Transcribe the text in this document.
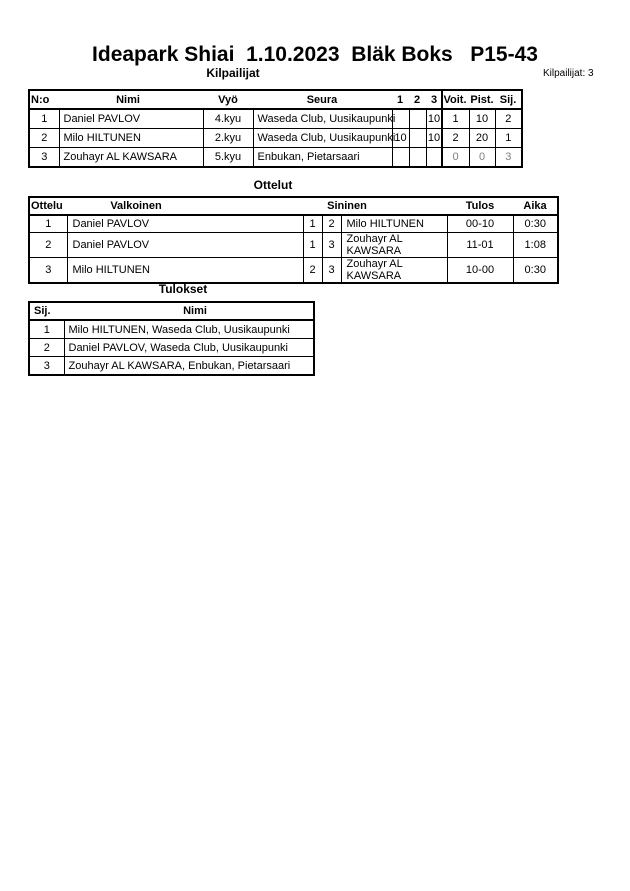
Ideapark Shiai  1.10.2023  Bläk Boks   P15-43
Kilpailijat	Kilpailijat: 3
N:o	Nimi	Vyö	Seura	1 2 3 Voit. Pist. Sij.
1	Daniel PAVLOV	4.kyu	Waseda Club, Uusikaupunki			10	1	10	2
2	Milo HILTUNEN	2.kyu	Waseda Club, Uusikaupunki	10		10	2	20	1
3	Zouhayr AL KAWSARA	5.kyu	Enbukan, Pietarsaari				0	0	3
Ottelut
Ottelu	Valkoinen	Sininen	Tulos	Aika
1	Daniel PAVLOV	1	2	Milo HILTUNEN	00-10	0:30
2	Daniel PAVLOV	1	3	Zouhayr AL KAWSARA	11-01	1:08
3	Milo HILTUNEN	2	3	Zouhayr AL KAWSARA	10-00	0:30
Tulokset
Sij.	Nimi
1	Milo HILTUNEN, Waseda Club, Uusikaupunki
2	Daniel PAVLOV, Waseda Club, Uusikaupunki
3	Zouhayr AL KAWSARA, Enbukan, Pietarsaari
